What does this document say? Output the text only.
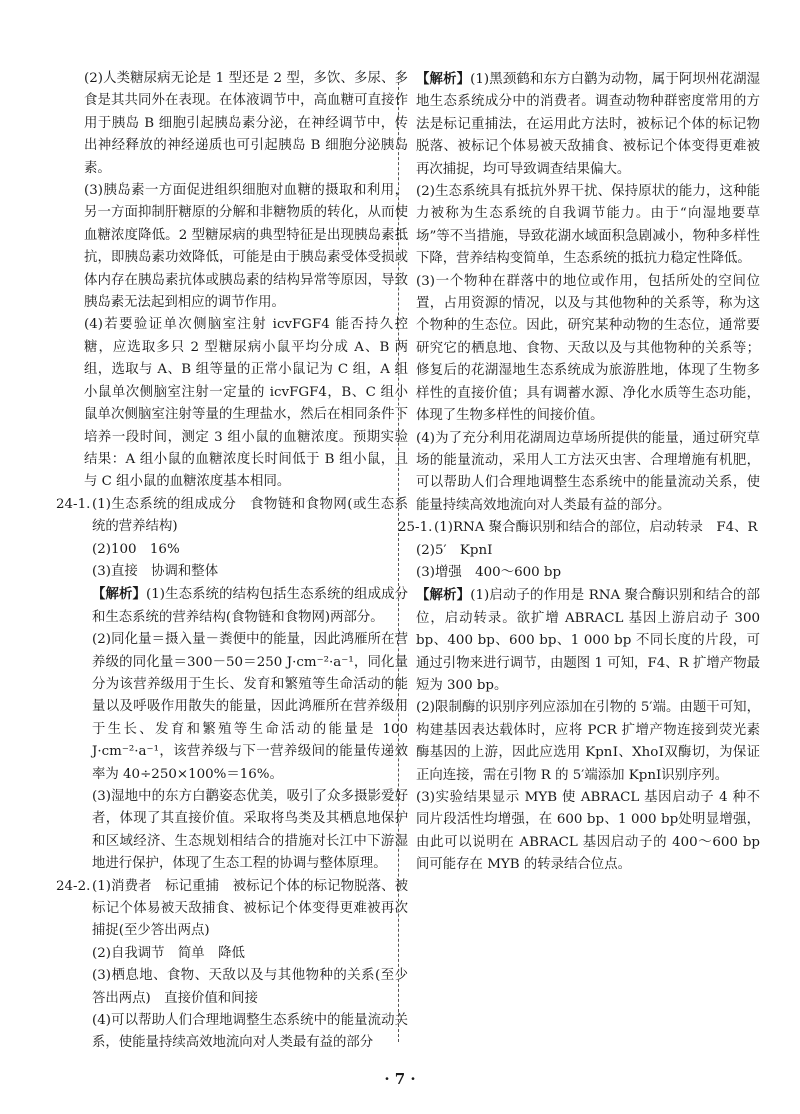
(2)人类糖尿病无论是 1 型还是 2 型，多饮、多尿、多食是其共同外在表现。在体液调节中，高血糖可直接作用于胰岛 B 细胞引起胰岛素分泌，在神经调节中，传出神经释放的神经递质也可引起胰岛 B 细胞分泌胰岛素。

(3)胰岛素一方面促进组织细胞对血糖的摄取和利用，另一方面抑制肝糖原的分解和非糖物质的转化，从而使血糖浓度降低。2 型糖尿病的典型特征是出现胰岛素抵抗，即胰岛素功效降低，可能是由于胰岛素受体受损或体内存在胰岛素抗体或胰岛素的结构异常等原因，导致胰岛素无法起到相应的调节作用。

(4)若要验证单次侧脑室注射 icvFGF4 能否持久控糖，应选取多只 2 型糖尿病小鼠平均分成 A、B 两组，选取与 A、B 组等量的正常小鼠记为 C 组，A 组小鼠单次侧脑室注射一定量的 icvFGF4，B、C 组小鼠单次侧脑室注射等量的生理盐水，然后在相同条件下培养一段时间，测定 3 组小鼠的血糖浓度。预期实验结果：A 组小鼠的血糖浓度长时间低于 B 组小鼠，且与 C 组小鼠的血糖浓度基本相同。

24-1. (1)生态系统的组成成分　食物链和食物网(或生态系统的营养结构)

(2)100　16%

(3)直接　协调和整体

【解析】(1)生态系统的结构包括生态系统的组成成分和生态系统的营养结构(食物链和食物网)两部分。

(2)同化量＝摄入量－粪便中的能量，因此鸿雁所在营养级的同化量＝300－50＝250 J·cm⁻²·a⁻¹，同化量分为该营养级用于生长、发育和繁殖等生命活动的能量以及呼吸作用散失的能量，因此鸿雁所在营养级用于生长、发育和繁殖等生命活动的能量是 100 J·cm⁻²·a⁻¹，该营养级与下一营养级间的能量传递效率为 40÷250×100%＝16%。

(3)湿地中的东方白鹳姿态优美，吸引了众多摄影爱好者，体现了其直接价值。采取将鸟类及其栖息地保护和区域经济、生态规划相结合的措施对长江中下游湿地进行保护，体现了生态工程的协调与整体原理。

24-2. (1)消费者　标记重捕　被标记个体的标记物脱落、被标记个体易被天敌捕食、被标记个体变得更难被再次捕捉(至少答出两点)

(2)自我调节　简单　降低

(3)栖息地、食物、天敌以及与其他物种的关系(至少答出两点)　直接价值和间接

(4)可以帮助人们合理地调整生态系统中的能量流动关系，使能量持续高效地流向对人类最有益的部分

【解析】(1)黑颈鹤和东方白鹳为动物，属于阿坝州花湖湿地生态系统成分中的消费者。调查动物种群密度常用的方法是标记重捕法，在运用此方法时，被标记个体的标记物脱落、被标记个体易被天敌捕食、被标记个体变得更难被再次捕捉，均可导致调查结果偏大。

(2)生态系统具有抵抗外界干扰、保持原状的能力，这种能力被称为生态系统的自我调节能力。由于“向湿地要草场”等不当措施，导致花湖水域面积急剧减小，物种多样性下降，营养结构变简单，生态系统的抵抗力稳定性降低。

(3)一个物种在群落中的地位或作用，包括所处的空间位置，占用资源的情况，以及与其他物种的关系等，称为这个物种的生态位。因此，研究某种动物的生态位，通常要研究它的栖息地、食物、天敌以及与其他物种的关系等；修复后的花湖湿地生态系统成为旅游胜地，体现了生物多样性的直接价值；具有调蓄水源、净化水质等生态功能，体现了生物多样性的间接价值。

(4)为了充分利用花湖周边草场所提供的能量，通过研究草场的能量流动，采用人工方法灭虫害、合理增施有机肥，可以帮助人们合理地调整生态系统中的能量流动关系，使能量持续高效地流向对人类最有益的部分。

25-1. (1)RNA 聚合酶识别和结合的部位，启动转录　F4、R

(2)5′　KpnⅠ

(3)增强　400～600 bp

【解析】(1)启动子的作用是 RNA 聚合酶识别和结合的部位，启动转录。欲扩增 ABRACL 基因上游启动子 300 bp、400 bp、600 bp、1 000 bp 不同长度的片段，可通过引物来进行调节，由题图 1 可知，F4、R 扩增产物最短为 300 bp。

(2)限制酶的识别序列应添加在引物的 5′端。由题干可知，构建基因表达载体时，应将 PCR 扩增产物连接到荧光素酶基因的上游，因此应选用 KpnⅠ、XhoⅠ双酶切，为保证正向连接，需在引物 R 的 5′端添加 KpnⅠ识别序列。

(3)实验结果显示 MYB 使 ABRACL 基因启动子 4 种不同片段活性均增强，在 600 bp、1 000 bp处明显增强，由此可以说明在 ABRACL 基因启动子的 400～600 bp 间可能存在 MYB 的转录结合位点。

· 7 ·
